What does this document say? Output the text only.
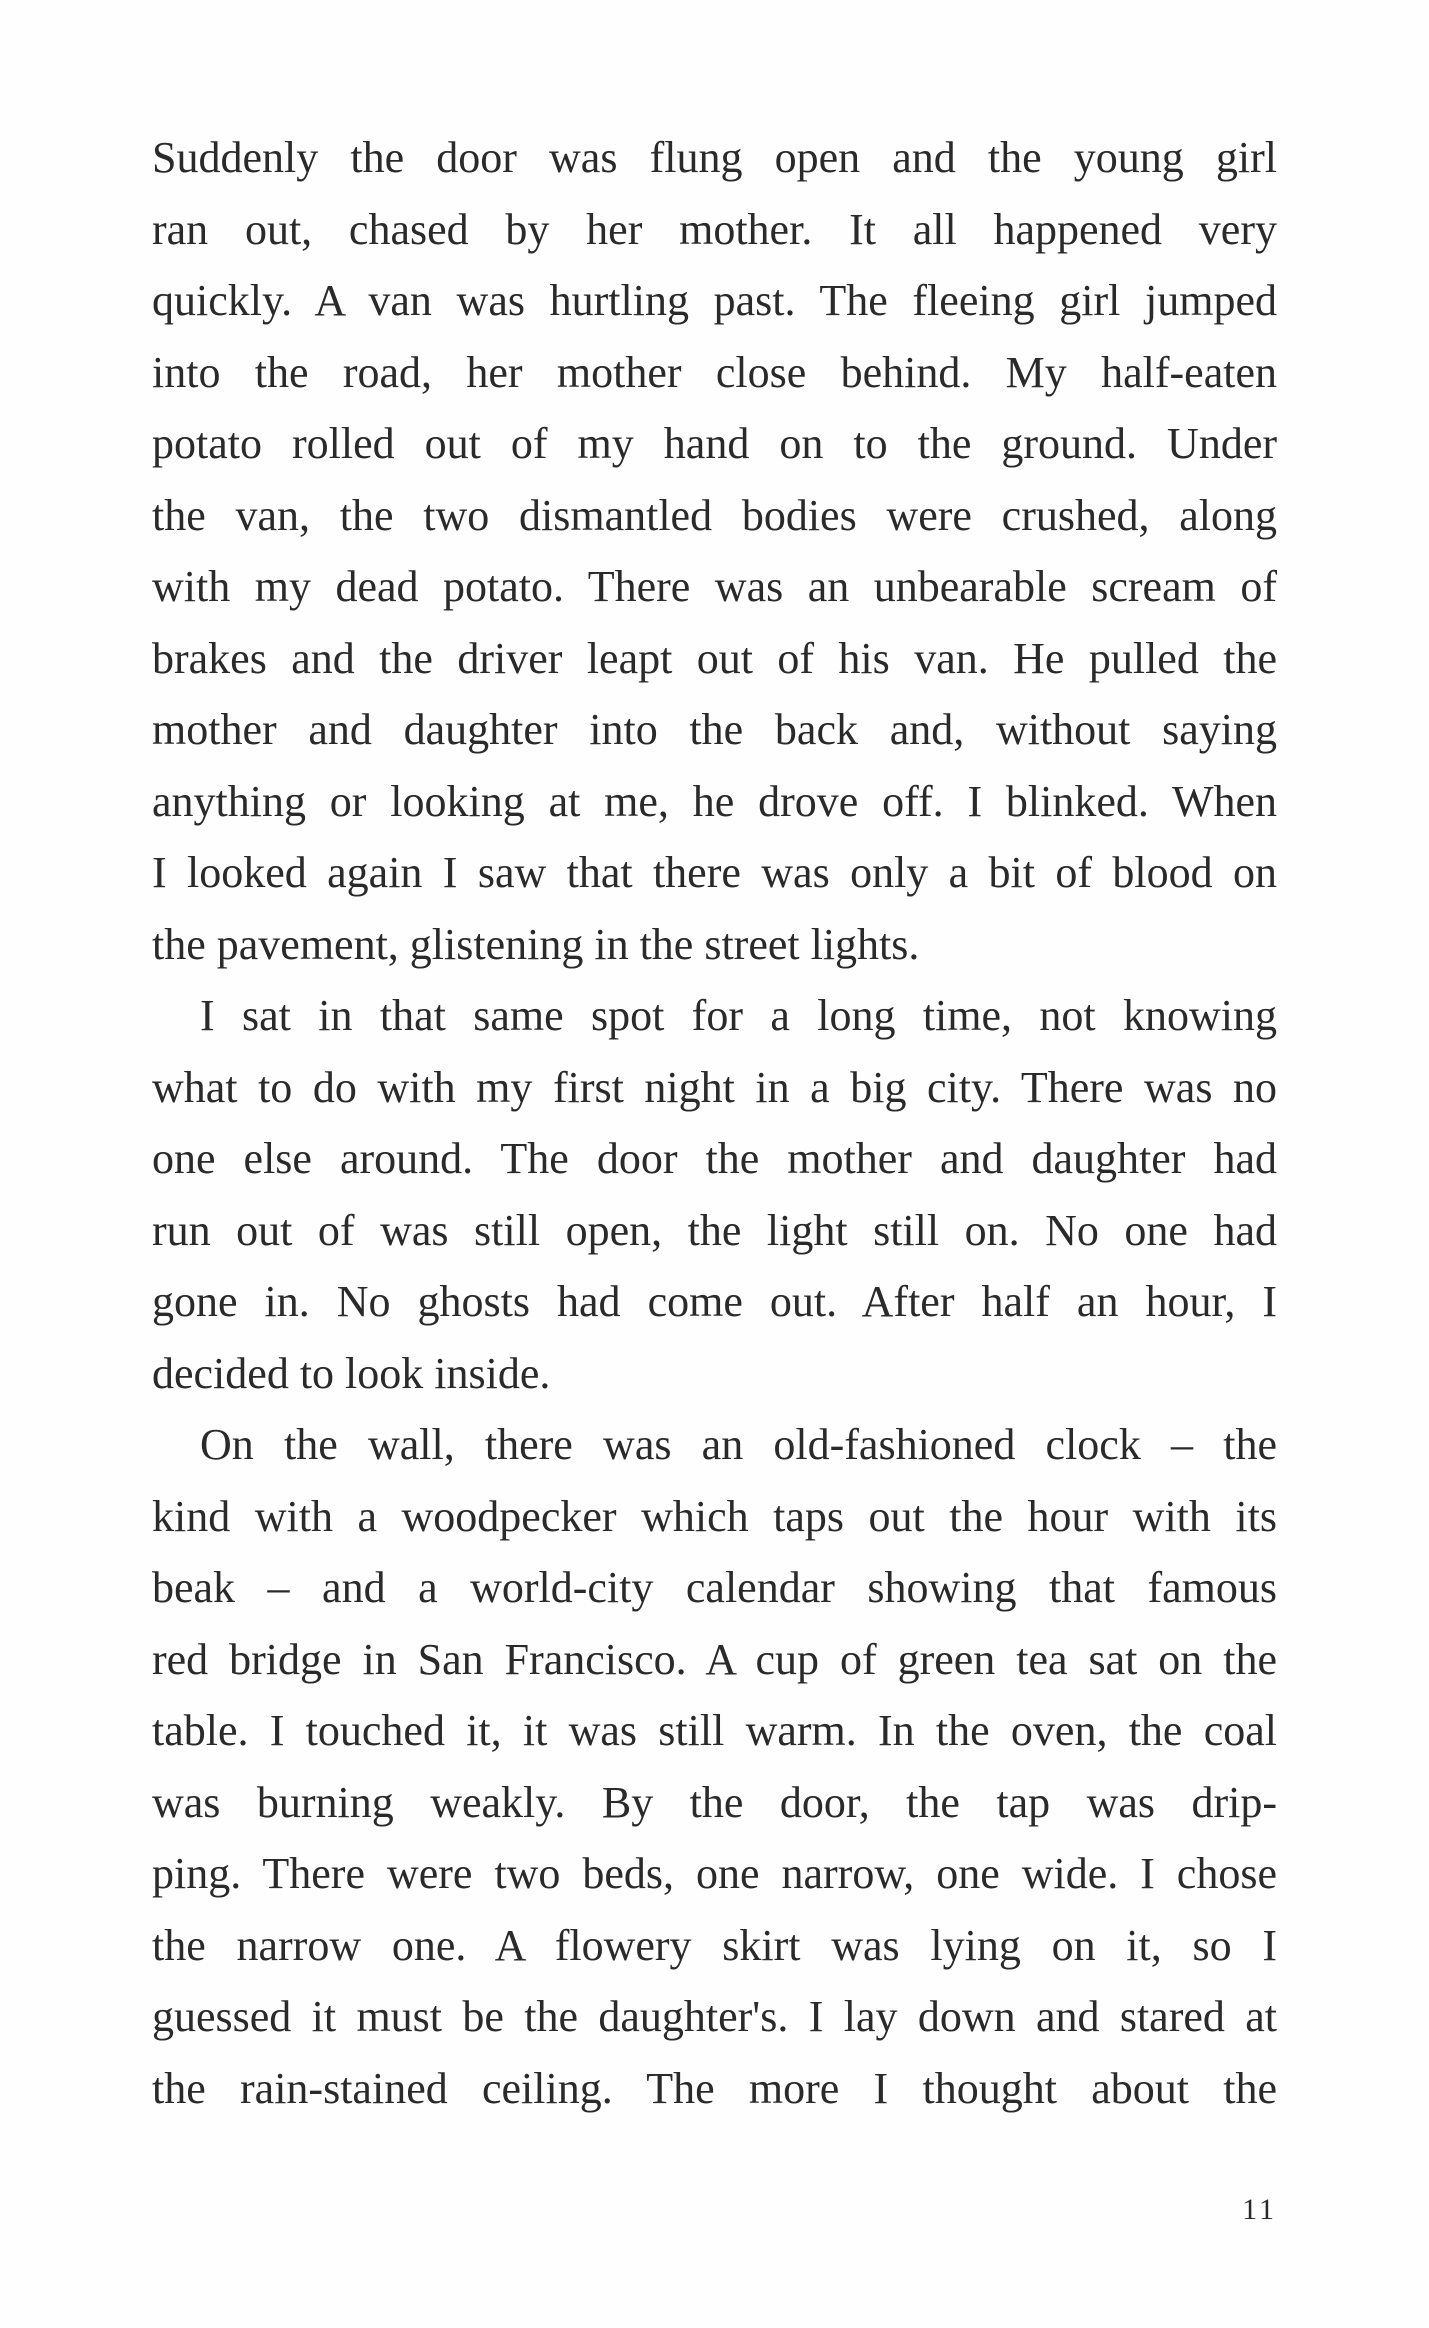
Suddenly the door was flung open and the young girl
ran out, chased by her mother. It all happened very
quickly. A van was hurtling past. The fleeing girl jumped
into the road, her mother close behind. My half-eaten
potato rolled out of my hand on to the ground. Under
the van, the two dismantled bodies were crushed, along
with my dead potato. There was an unbearable scream of
brakes and the driver leapt out of his van. He pulled the
mother and daughter into the back and, without saying
anything or looking at me, he drove off. I blinked. When
I looked again I saw that there was only a bit of blood on
the pavement, glistening in the street lights.
I sat in that same spot for a long time, not knowing
what to do with my first night in a big city. There was no
one else around. The door the mother and daughter had
run out of was still open, the light still on. No one had
gone in. No ghosts had come out. After half an hour, I
decided to look inside.
On the wall, there was an old-fashioned clock – the
kind with a woodpecker which taps out the hour with its
beak – and a world-city calendar showing that famous
red bridge in San Francisco. A cup of green tea sat on the
table. I touched it, it was still warm. In the oven, the coal
was burning weakly. By the door, the tap was drip-
ping. There were two beds, one narrow, one wide. I chose
the narrow one. A flowery skirt was lying on it, so I
guessed it must be the daughter's. I lay down and stared at
the rain-stained ceiling. The more I thought about the
11
